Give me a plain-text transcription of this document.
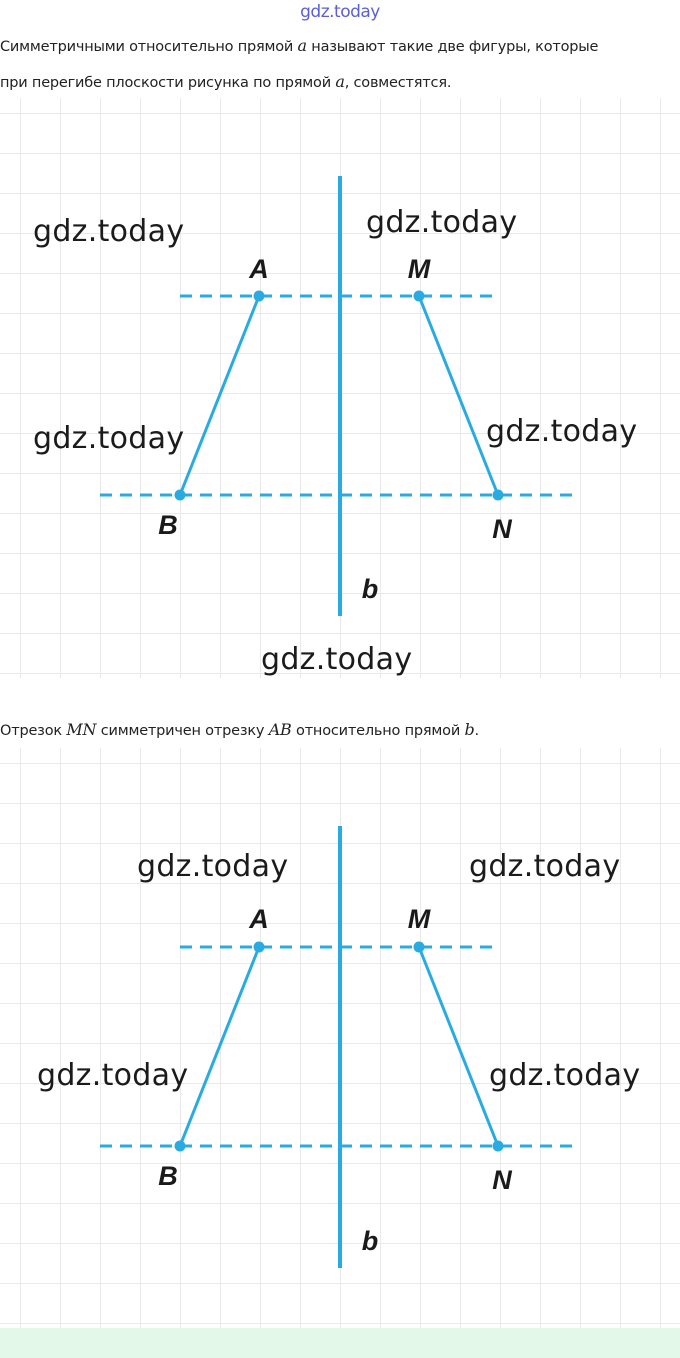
gdz.today
Симметричными относительно прямой a называют такие две фигуры, которые
при перегибе плоскости рисунка по прямой a, совместятся.
A	M
B	N
b
gdz.today	gdz.today
gdz.today	gdz.today
gdz.today
Отрезок MN симметричен отрезку AB относительно прямой b.
A	M
B	N
b
gdz.today	gdz.today
gdz.today	gdz.today
